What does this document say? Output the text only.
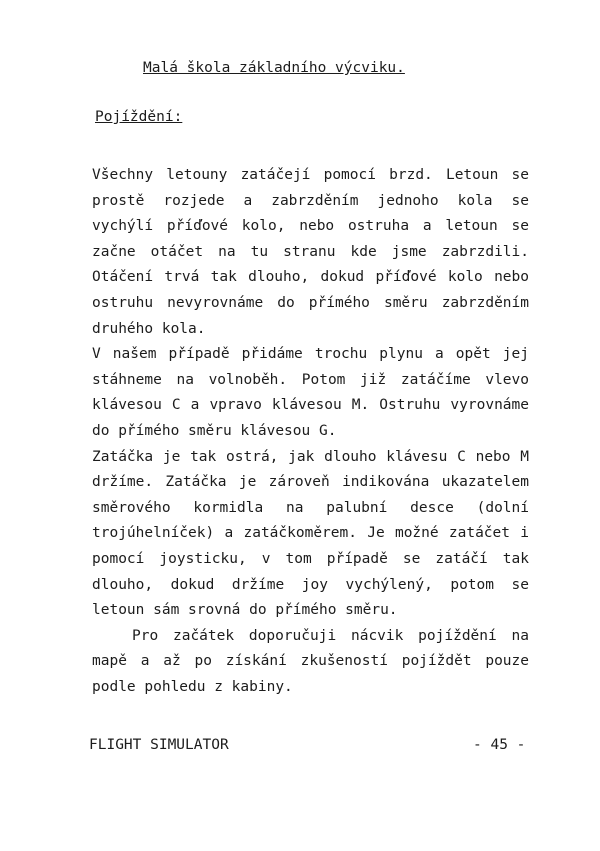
Malá škola základního výcviku.
Pojíždění:

Všechny letouny zatáčejí pomocí brzd. Letoun se prostě rozjede a zabrzděním jednoho kola se vychýlí příďové kolo, nebo ostruha a letoun se začne otáčet na tu stranu kde jsme zabrzdili. Otáčení trvá tak dlouho, dokud příďové kolo nebo ostruhu nevyrovnáme do přímého směru zabrzděním druhého kola.

V našem případě přidáme trochu plynu a opět jej stáhneme na volnoběh. Potom již zatáčíme vlevo klávesou C a vpravo klávesou M. Ostruhu vyrovnáme do přímého směru klávesou G.

Zatáčka je tak ostrá, jak dlouho klávesu C nebo M držíme. Zatáčka je zároveň indikována ukazatelem směrového kormidla na palubní desce (dolní trojúhelníček) a zatáčkoměrem. Je možné zatáčet i pomocí joysticku, v tom případě se zatáčí tak dlouho, dokud držíme joy vychýlený, potom se letoun sám srovná do přímého směru.

Pro začátek doporučuji nácvik pojíždění na mapě a až po získání zkušeností pojíždět pouze podle pohledu z kabiny.

FLIGHT SIMULATOR	- 45 -
